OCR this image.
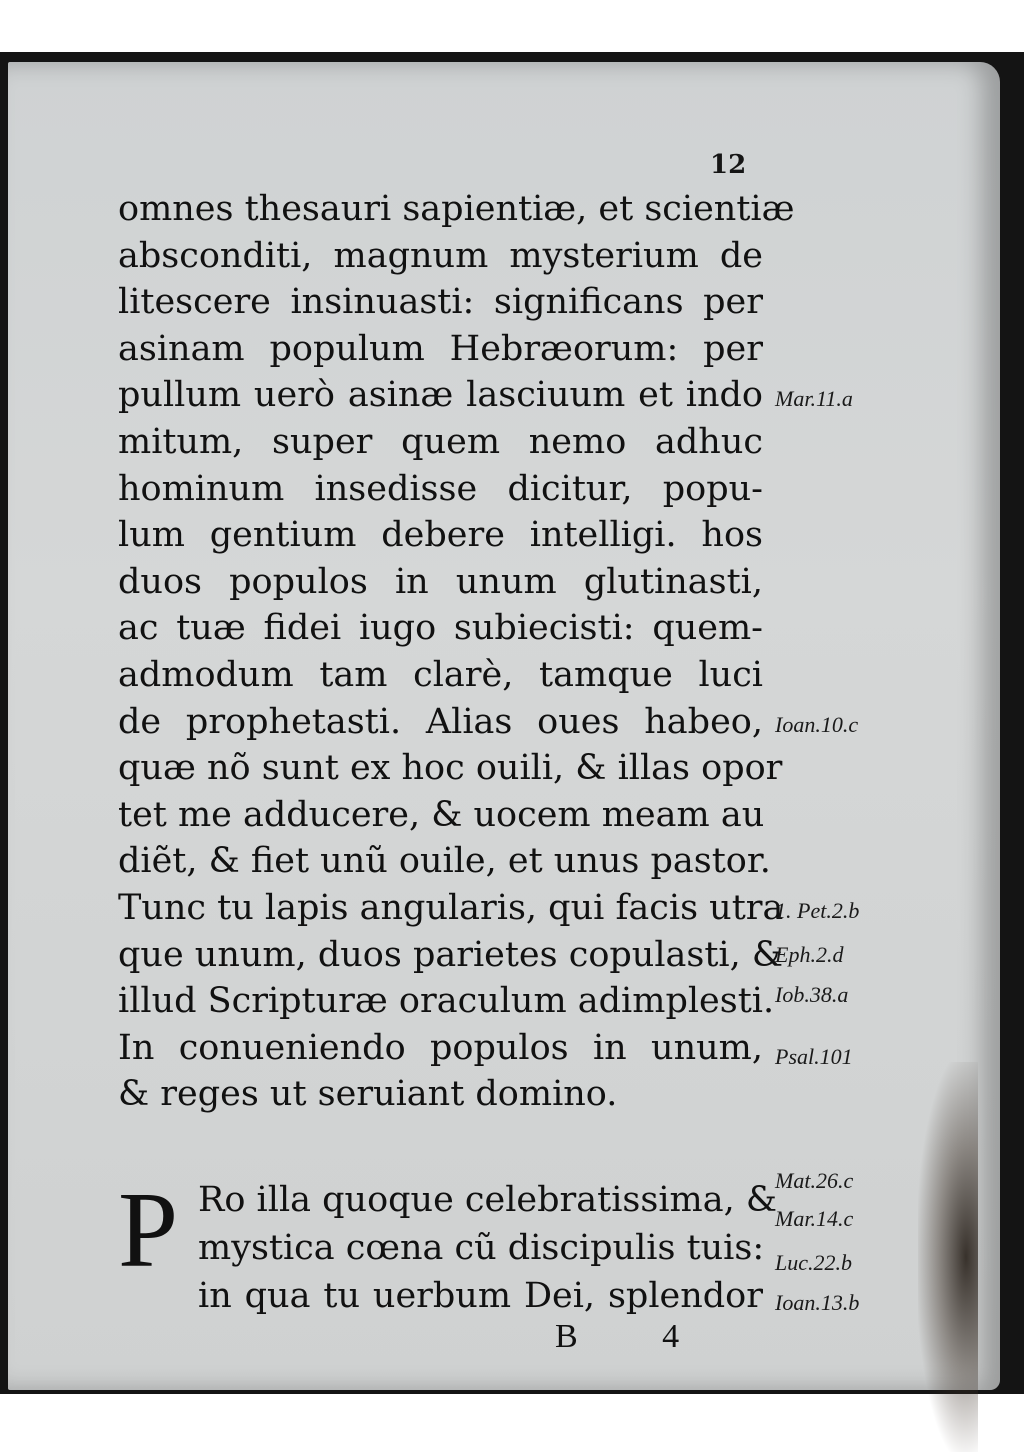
12
omnes thesauri sapientiæ, et scientiæ
absconditi, magnum mysterium de
litescere insinuasti: significans per
asinam populum Hebræorum: per
pullum uerò asinæ lasciuum et indo
mitum, super quem nemo adhuc
hominum insedisse dicitur, popu-
lum gentium debere intelligi. hos
duos populos in unum glutinasti,
ac tuæ fidei iugo subiecisti: quem-
admodum tam clarè, tamque luci
de prophetasti. Alias oues habeo,
quæ nõ sunt ex hoc ouili, & illas opor
tet me adducere, & uocem meam au
diẽt, & fiet unũ ouile, et unus pastor.
Tunc tu lapis angularis, qui facis utra
que unum, duos parietes copulasti, &
illud Scripturæ oraculum adimplesti.
In conueniendo populos in unum,
& reges ut seruiant domino.
P Ro illa quoque celebratissima, &
mystica cœna cũ discipulis tuis:
in qua tu uerbum Dei, splendor
Mar.11.a
Ioan.10.c
1. Pet.2.b
Eph.2.d
Iob.38.a
Psal.101
Mat.26.c
Mar.14.c
Luc.22.b
Ioan.13.b
B 4
